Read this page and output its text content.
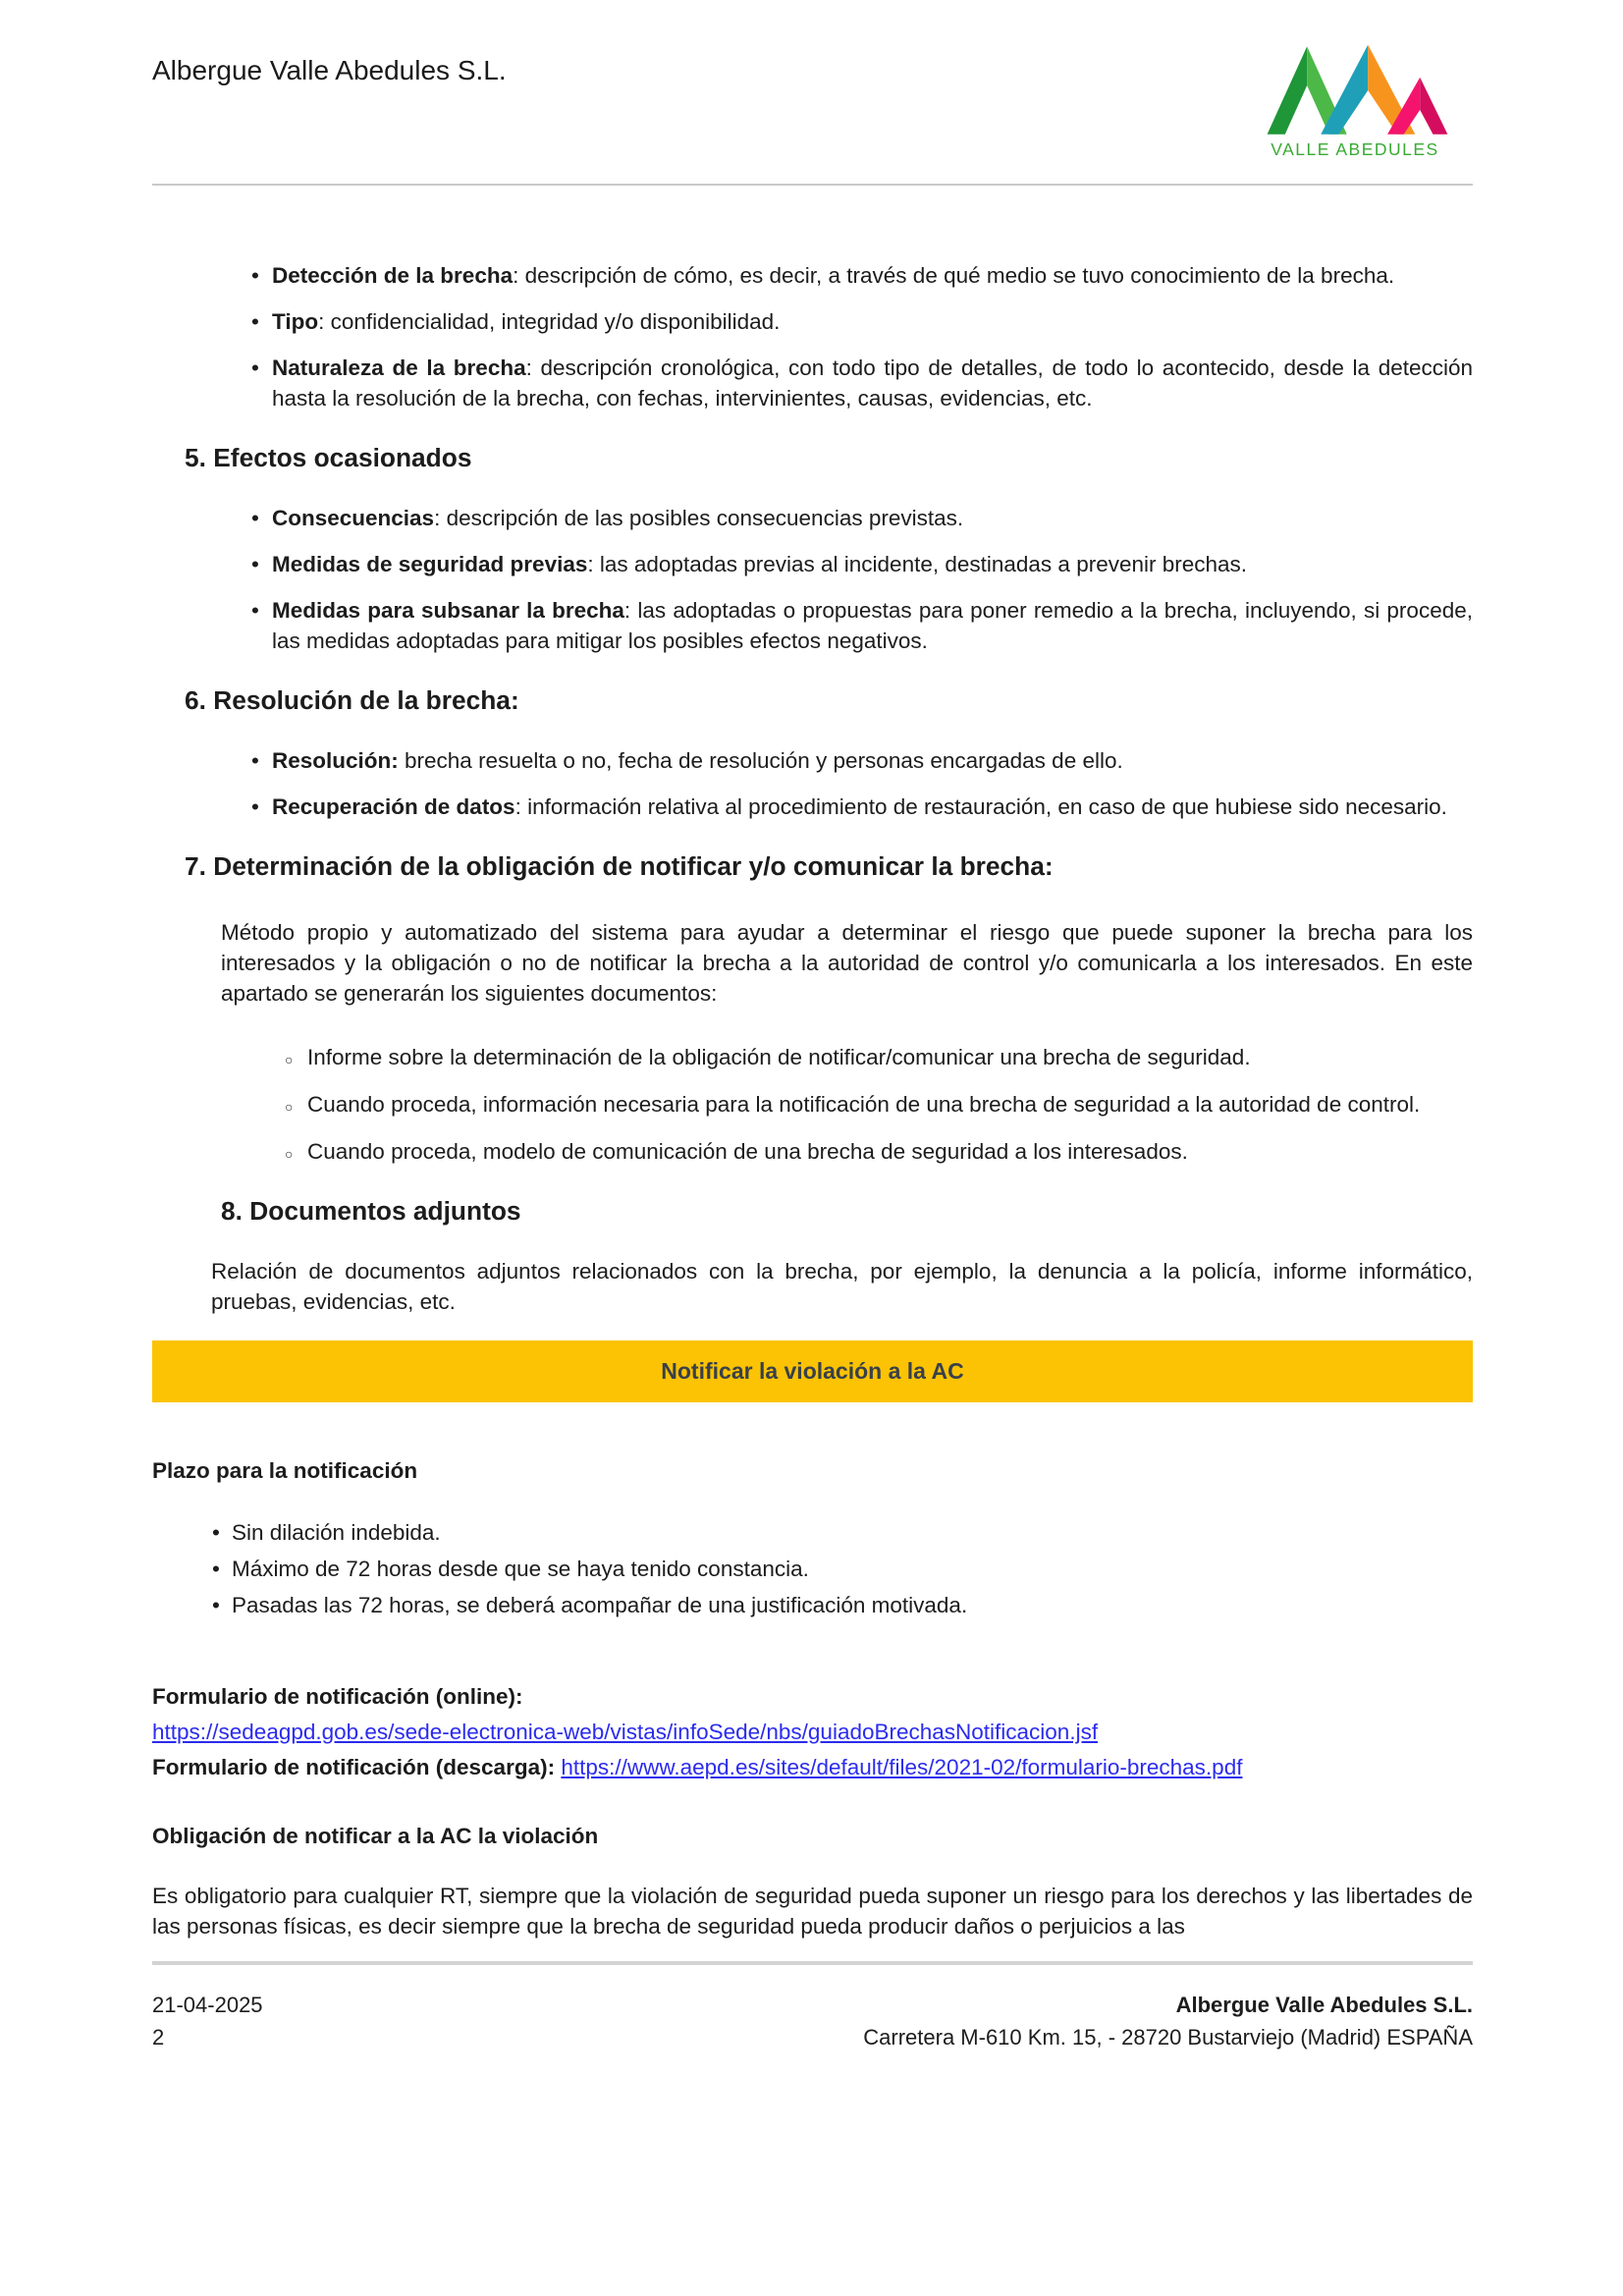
Albergue Valle Abedules S.L.
VALLE ABEDULES
• Detección de la brecha: descripción de cómo, es decir, a través de qué medio se tuvo conocimiento de la brecha.
• Tipo: confidencialidad, integridad y/o disponibilidad.
• Naturaleza de la brecha: descripción cronológica, con todo tipo de detalles, de todo lo acontecido, desde la detección hasta la resolución de la brecha, con fechas, intervinientes, causas, evidencias, etc.
5. Efectos ocasionados
• Consecuencias: descripción de las posibles consecuencias previstas.
• Medidas de seguridad previas: las adoptadas previas al incidente, destinadas a prevenir brechas.
• Medidas para subsanar la brecha: las adoptadas o propuestas para poner remedio a la brecha, incluyendo, si procede, las medidas adoptadas para mitigar los posibles efectos negativos.
6. Resolución de la brecha:
• Resolución: brecha resuelta o no, fecha de resolución y personas encargadas de ello.
• Recuperación de datos: información relativa al procedimiento de restauración, en caso de que hubiese sido necesario.
7. Determinación de la obligación de notificar y/o comunicar la brecha:

Método propio y automatizado del sistema para ayudar a determinar el riesgo que puede suponer la brecha para los interesados y la obligación o no de notificar la brecha a la autoridad de control y/o comunicarla a los interesados. En este apartado se generarán los siguientes documentos:

○ Informe sobre la determinación de la obligación de notificar/comunicar una brecha de seguridad.
○ Cuando proceda, información necesaria para la notificación de una brecha de seguridad a la autoridad de control.
○ Cuando proceda, modelo de comunicación de una brecha de seguridad a los interesados.
8. Documentos adjuntos

Relación de documentos adjuntos relacionados con la brecha, por ejemplo, la denuncia a la policía, informe informático, pruebas, evidencias, etc.

Notificar la violación a la AC
Plazo para la notificación
• Sin dilación indebida.
• Máximo de 72 horas desde que se haya tenido constancia.
• Pasadas las 72 horas, se deberá acompañar de una justificación motivada.
Formulario de notificación (online):
https://sedeagpd.gob.es/sede-electronica-web/vistas/infoSede/nbs/guiadoBrechasNotificacion.jsf
Formulario de notificación (descarga): https://www.aepd.es/sites/default/files/2021-02/formulario-brechas.pdf
Obligación de notificar a la AC la violación

Es obligatorio para cualquier RT, siempre que la violación de seguridad pueda suponer un riesgo para los derechos y las libertades de las personas físicas, es decir siempre que la brecha de seguridad pueda producir daños o perjuicios a las

21-04-2025
2
Albergue Valle Abedules S.L.
Carretera M-610 Km. 15, - 28720 Bustarviejo (Madrid) ESPAÑA
